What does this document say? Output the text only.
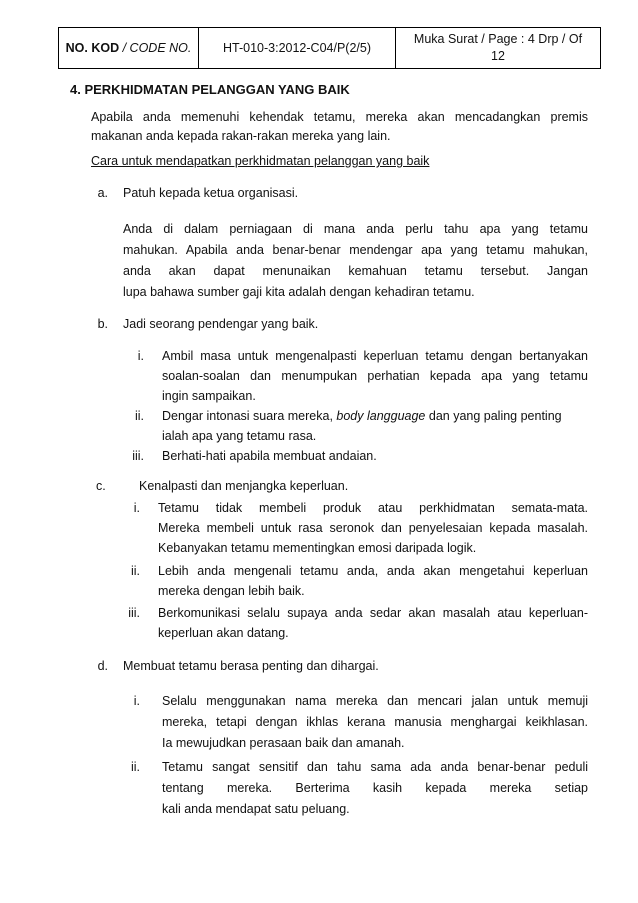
NO. KOD / CODE NO.	HT-010-3:2012-C04/P(2/5)
Muka Surat / Page : 4 Drp / Of
12
4. PERKHIDMATAN PELANGGAN YANG BAIK
Apabila anda memenuhi kehendak tetamu, mereka akan mencadangkan premis
makanan anda kepada rakan-rakan mereka yang lain.
Cara untuk mendapatkan perkhidmatan pelanggan yang baik
a. Patuh kepada ketua organisasi.
Anda di dalam perniagaan di mana anda perlu tahu apa yang tetamu
mahukan. Apabila anda benar-benar mendengar apa yang tetamu mahukan,
anda akan dapat menunaikan kemahuan tetamu tersebut. Jangan
lupa bahawa sumber gaji kita adalah dengan kehadiran tetamu.
b. Jadi seorang pendengar yang baik.
i. Ambil masa untuk mengenalpasti keperluan tetamu dengan bertanyakan
soalan-soalan dan menumpukan perhatian kepada apa yang tetamu
ingin sampaikan.
ii. Dengar intonasi suara mereka, body langguage dan yang paling penting
ialah apa yang tetamu rasa.
iii. Berhati-hati apabila membuat andaian.
c.	Kenalpasti dan menjangka keperluan.
i. Tetamu tidak membeli produk atau perkhidmatan semata-mata.
Mereka membeli untuk rasa seronok dan penyelesaian kepada masalah.
Kebanyakan tetamu mementingkan emosi daripada logik.
ii. Lebih anda mengenali tetamu anda, anda akan mengetahui keperluan
mereka dengan lebih baik.
iii. Berkomunikasi selalu supaya anda sedar akan masalah atau keperluan-
keperluan akan datang.
d. Membuat tetamu berasa penting dan dihargai.
i. Selalu menggunakan nama mereka dan mencari jalan untuk memuji
mereka, tetapi dengan ikhlas kerana manusia menghargai keikhlasan.
Ia mewujudkan perasaan baik dan amanah.
ii. Tetamu sangat sensitif dan tahu sama ada anda benar-benar peduli
tentang mereka. Berterima kasih kepada mereka setiap
kali anda mendapat satu peluang.
